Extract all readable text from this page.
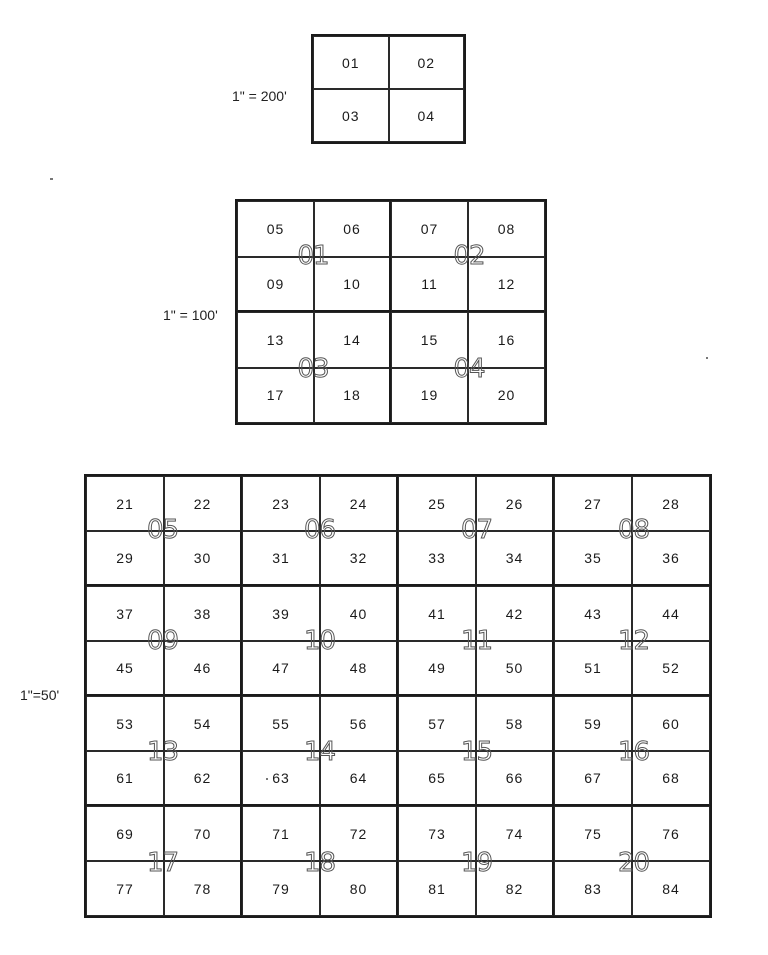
1" = 200'
1" = 100'
1"=50'
01	02
03	04
05	06	07	08
09	10	11	12
13	14	15	16
17	18	19	20
21	22	23	24	25	26	27	28
29	30	31	32	33	34	35	36
37	38	39	40	41	42	43	44
45	46	47	48	49	50	51	52
53	54	55	56	57	58	59	60
61	62	63	64	65	66	67	68
69	70	71	72	73	74	75	76
77	78	79	80	81	82	83	84
01	02
03	04
05	06	07	08
09	10	11	12
13	14	15	16
17	18	19	20
